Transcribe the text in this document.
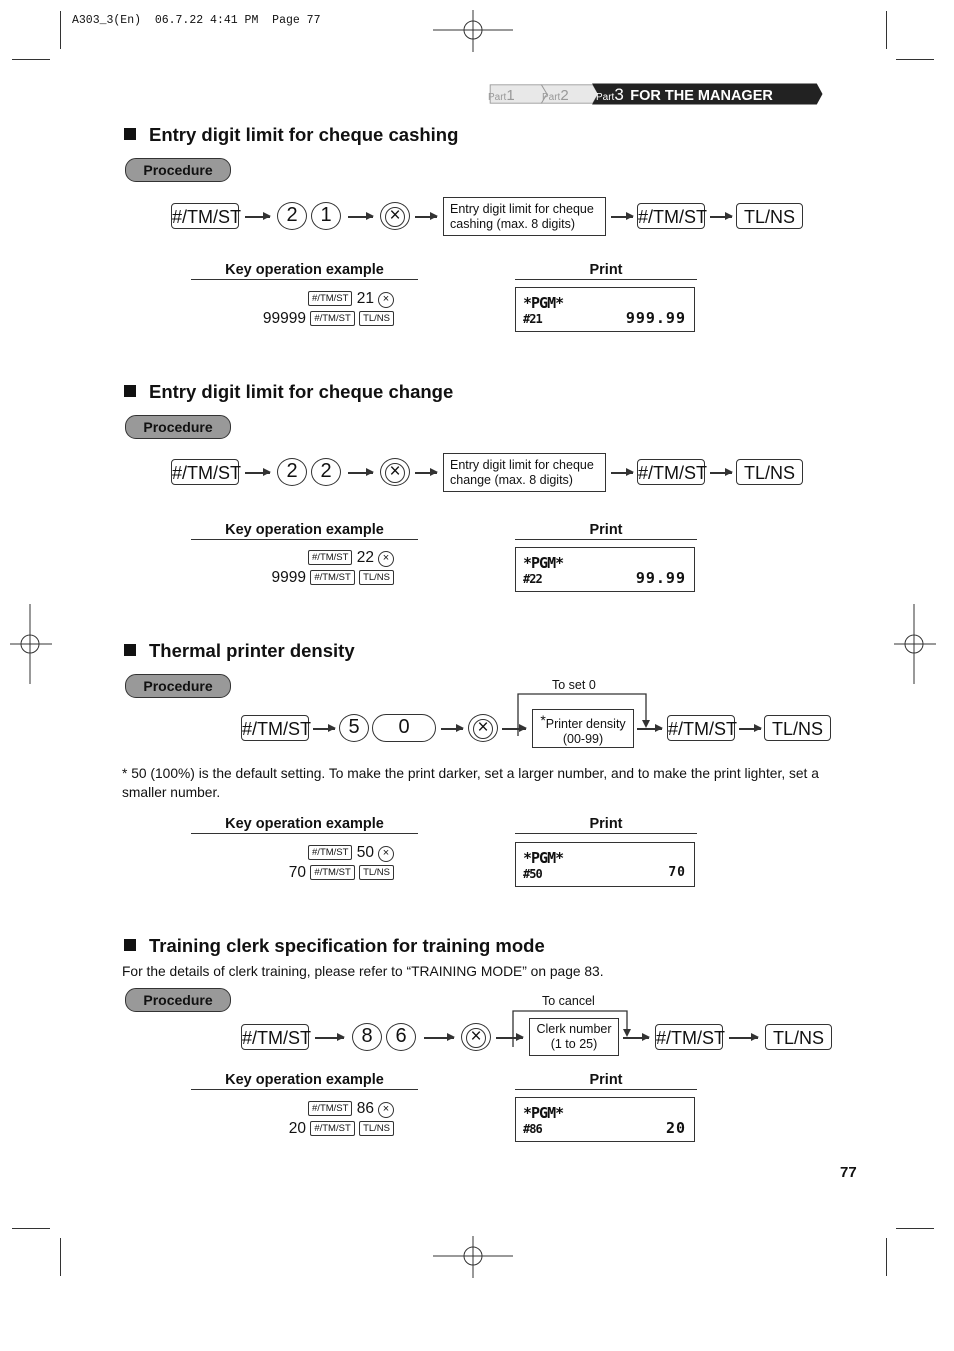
A303_3(En) 06.7.22 4:41 PM Page 77
Part1	Part2	Part3 FOR THE MANAGER
Entry digit limit for cheque cashing
Procedure
#/TM/ST	2	1 ×	Entry digit limit for cheque cashing (max. 8 digits)	#/TM/ST	TL/NS
Key operation example	Print
#/TM/ST 21 ×
99999 #/TM/ST TL/NS
*PGM*
#21	999.99
Entry digit limit for cheque change
Procedure
#/TM/ST	2	2 ×	Entry digit limit for cheque change (max. 8 digits)	#/TM/ST	TL/NS
Key operation example	Print
#/TM/ST 22 ×
9999 #/TM/ST TL/NS
*PGM*
#22	99.99
Thermal printer density
Procedure	To set 0
#/TM/ST	5	0 ×	*Printer density (00-99)	#/TM/ST	TL/NS
* 50 (100%) is the default setting. To make the print darker, set a larger number, and to make the print lighter, set a smaller number.
Key operation example	Print
#/TM/ST 50 ×
70 #/TM/ST TL/NS
*PGM*
#50	70
Training clerk specification for training mode
For the details of clerk training, please refer to “TRAINING MODE” on page 83.
Procedure	To cancel
#/TM/ST	8	6 ×	Clerk number (1 to 25)	#/TM/ST	TL/NS
Key operation example	Print
#/TM/ST 86 ×
20 #/TM/ST TL/NS
*PGM*
#86	20
77
